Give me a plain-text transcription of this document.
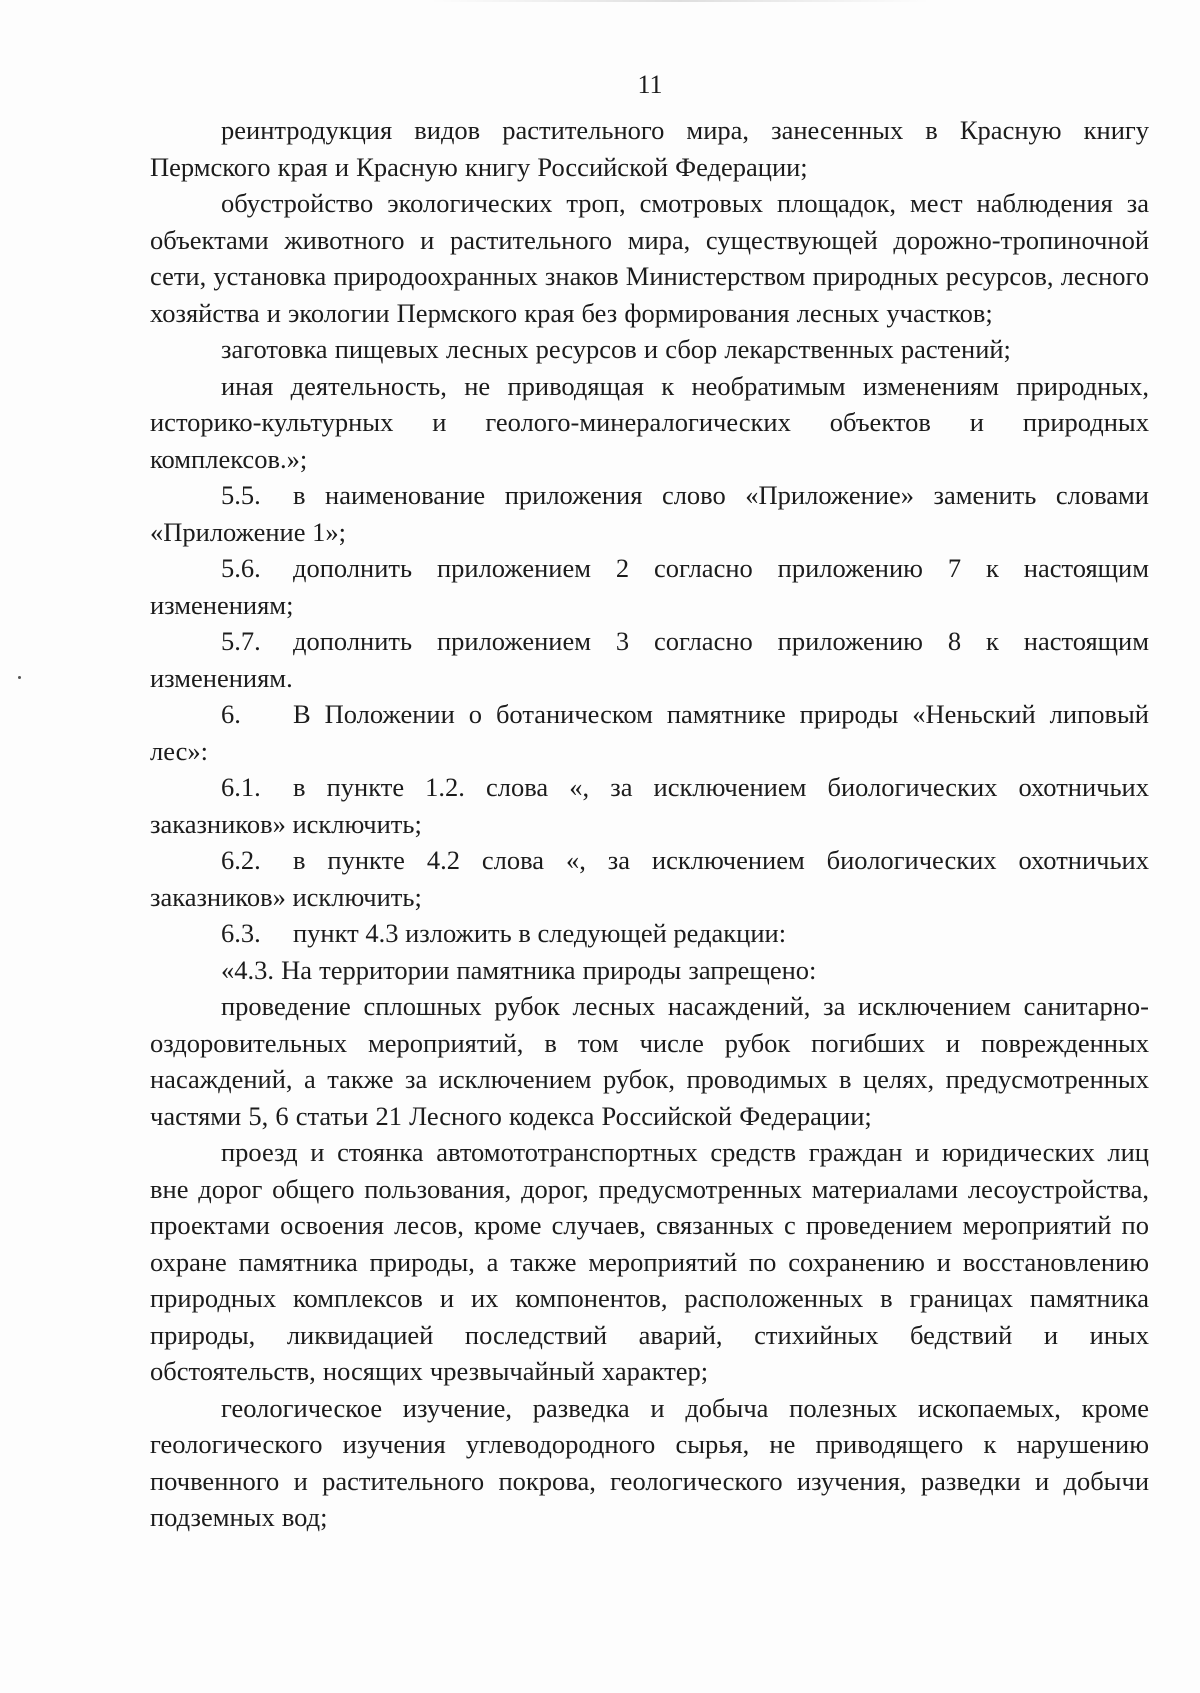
11

реинтродукция видов растительного мира, занесенных в Красную книгу Пермского края и Красную книгу Российской Федерации;

обустройство экологических троп, смотровых площадок, мест наблюдения за объектами животного и растительного мира, существующей дорожно-тропиночной сети, установка природоохранных знаков Министерством природных ресурсов, лесного хозяйства и экологии Пермского края без формирования лесных участков;

заготовка пищевых лесных ресурсов и сбор лекарственных растений;

иная деятельность, не приводящая к необратимым изменениям природных, историко-культурных и геолого-минералогических объектов и природных комплексов.»;

5.5. в наименование приложения слово «Приложение» заменить словами «Приложение 1»;

5.6. дополнить приложением 2 согласно приложению 7 к настоящим изменениям;

5.7. дополнить приложением 3 согласно приложению 8 к настоящим изменениям.

6. В Положении о ботаническом памятнике природы «Неньский липовый лес»:

6.1. в пункте 1.2. слова «, за исключением биологических охотничьих заказников» исключить;

6.2. в пункте 4.2 слова «, за исключением биологических охотничьих заказников» исключить;

6.3. пункт 4.3 изложить в следующей редакции:

«4.3. На территории памятника природы запрещено:

проведение сплошных рубок лесных насаждений, за исключением санитарно-оздоровительных мероприятий, в том числе рубок погибших и поврежденных насаждений, а также за исключением рубок, проводимых в целях, предусмотренных частями 5, 6 статьи 21 Лесного кодекса Российской Федерации;

проезд и стоянка автомототранспортных средств граждан и юридических лиц вне дорог общего пользования, дорог, предусмотренных материалами лесоустройства, проектами освоения лесов, кроме случаев, связанных с проведением мероприятий по охране памятника природы, а также мероприятий по сохранению и восстановлению природных комплексов и их компонентов, расположенных в границах памятника природы, ликвидацией последствий аварий, стихийных бедствий и иных обстоятельств, носящих чрезвычайный характер;

геологическое изучение, разведка и добыча полезных ископаемых, кроме геологического изучения углеводородного сырья, не приводящего к нарушению почвенного и растительного покрова, геологического изучения, разведки и добычи подземных вод;
